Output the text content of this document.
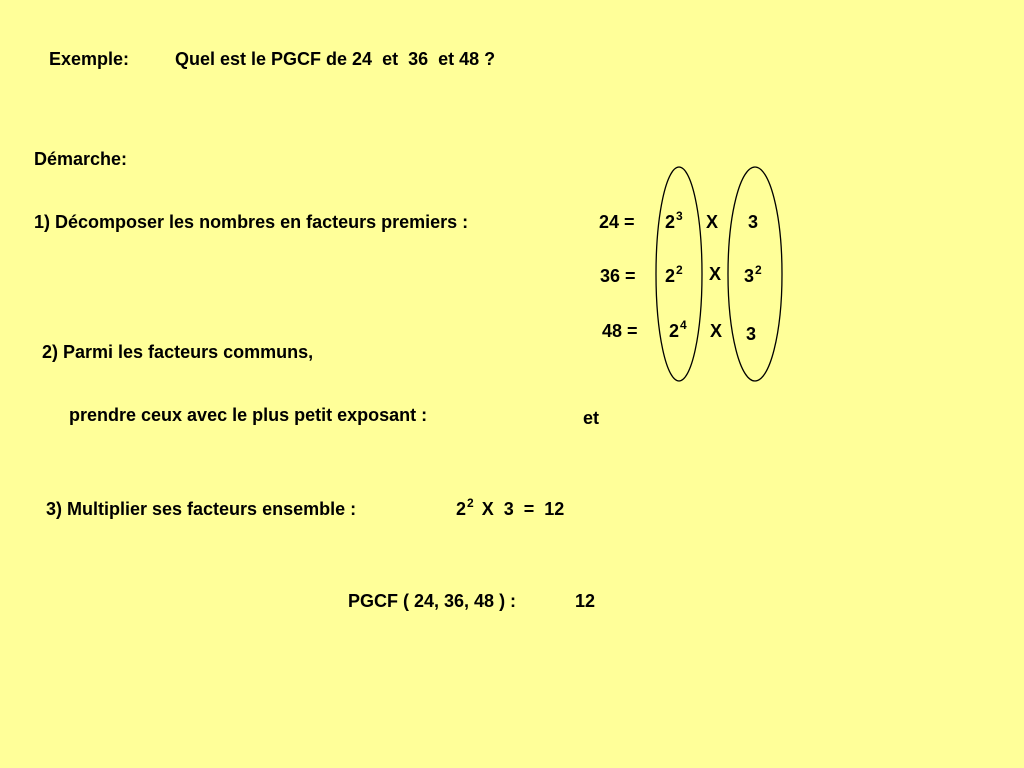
Exemple:	Quel est le PGCF de 24  et  36  et 48 ?
Démarche:
1) Décomposer les nombres en facteurs premiers :	$24 = 2^3$ X 3
$36 = 2^2$ X $3^2$
$48 = 2^4$ X 3
2) Parmi les facteurs communs,
prendre ceux avec le plus petit exposant :	et
3) Multiplier ses facteurs ensemble :	$2^2$ X  3  =  12
PGCF ( 24, 36, 48 ) :	12
